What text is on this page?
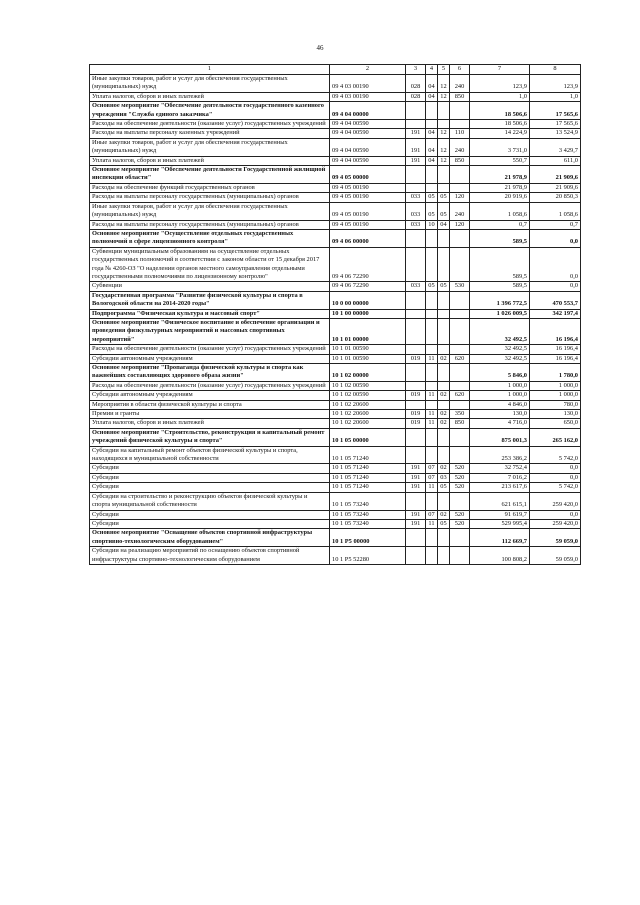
46
1	2	3	4	5	6	7	8
Иные закупки товаров, работ и услуг для обеспечения государственных (муниципальных) нужд	09 4 03 00190	028	04	12	240	123,9	123,9
Уплата налогов, сборов и иных платежей	09 4 03 00190	028	04	12	850	1,0	1,0
Основное мероприятие "Обеспечение деятельности государственного казенного учреждения "Служба единого заказчика"	09 4 04 00000					18 506,6	17 565,6
Расходы на обеспечение деятельности (оказание услуг) государственных учреждений	09 4 04 00590					18 506,6	17 565,6
Расходы на выплаты персоналу казенных учреждений	09 4 04 00590	191	04	12	110	14 224,9	13 524,9
Иные закупки товаров, работ и услуг для обеспечения государственных (муниципальных) нужд	09 4 04 00590	191	04	12	240	3 731,0	3 429,7
Уплата налогов, сборов и иных платежей	09 4 04 00590	191	04	12	850	550,7	611,0
Основное мероприятие "Обеспечение деятельности Государственной жилищной инспекции области"	09 4 05 00000					21 978,9	21 909,6
Расходы на обеспечение функций государственных органов	09 4 05 00190					21 978,9	21 909,6
Расходы на выплаты персоналу государственных (муниципальных) органов	09 4 05 00190	033	05	05	120	20 919,6	20 850,3
Иные закупки товаров, работ и услуг для обеспечения государственных (муниципальных) нужд	09 4 05 00190	033	05	05	240	1 058,6	1 058,6
Расходы на выплаты персоналу государственных (муниципальных) органов	09 4 05 00190	033	10	04	120	0,7	0,7
Основное мероприятие "Осуществление отдельных государственных полномочий в сфере лицензионного контроля"	09 4 06 00000					589,5	0,0
Субвенции муниципальным образованиям на осуществление отдельных государственных полномочий в соответствии с законом области от 15 декабря 2017 года № 4260-ОЗ "О наделении органов местного самоуправления отдельными государственными полномочиями по лицензионному контролю"	09 4 06 72290					589,5	0,0
Субвенции	09 4 06 72290	033	05	05	530	589,5	0,0
Государственная программа "Развитие физической культуры и спорта в Вологодской области на 2014-2020 годы"	10 0 00 00000					1 396 772,5	470 553,7
Подпрограмма "Физическая культура и массовый спорт"	10 1 00 00000					1 026 009,5	342 197,4
Основное мероприятие "Физическое воспитание и обеспечение организации и проведения физкультурных мероприятий и массовых спортивных мероприятий"	10 1 01 00000					32 492,5	16 196,4
Расходы на обеспечение деятельности (оказание услуг) государственных учреждений	10 1 01 00590					32 492,5	16 196,4
Субсидии автономным учреждениям	10 1 01 00590	019	11	02	620	32 492,5	16 196,4
Основное мероприятие "Пропаганда физической культуры и спорта как важнейших составляющих здорового образа жизни"	10 1 02 00000					5 846,0	1 780,0
Расходы на обеспечение деятельности (оказание услуг) государственных учреждений	10 1 02 00590					1 000,0	1 000,0
Субсидии автономным учреждениям	10 1 02 00590	019	11	02	620	1 000,0	1 000,0
Мероприятия в области физической культуры и спорта	10 1 02 20600					4 846,0	780,0
Премии и гранты	10 1 02 20600	019	11	02	350	130,0	130,0
Уплата налогов, сборов и иных платежей	10 1 02 20600	019	11	02	850	4 716,0	650,0
Основное мероприятие "Строительство, реконструкция и капитальный ремонт учреждений физической культуры и спорта"	10 1 05 00000					875 001,3	265 162,0
Субсидии на капитальный ремонт объектов физической культуры и спорта, находящихся в муниципальной собственности	10 1 05 71240					253 386,2	5 742,0
Субсидии	10 1 05 71240	191	07	02	520	32 752,4	0,0
Субсидии	10 1 05 71240	191	07	03	520	7 016,2	0,0
Субсидии	10 1 05 71240	191	11	05	520	213 617,6	5 742,0
Субсидии на строительство и реконструкцию объектов физической культуры и спорта муниципальной собственности	10 1 05 73240					621 615,1	259 420,0
Субсидии	10 1 05 73240	191	07	02	520	91 619,7	0,0
Субсидии	10 1 05 73240	191	11	05	520	529 995,4	259 420,0
Основное мероприятие "Оснащение объектов спортивной инфраструктуры спортивно-технологическим оборудованием"	10 1 P5 00000					112 669,7	59 059,0
Субсидии на реализацию мероприятий по оснащению объектов спортивной инфраструктуры спортивно-технологическим оборудованием	10 1 P5 52280					100 808,2	59 059,0
